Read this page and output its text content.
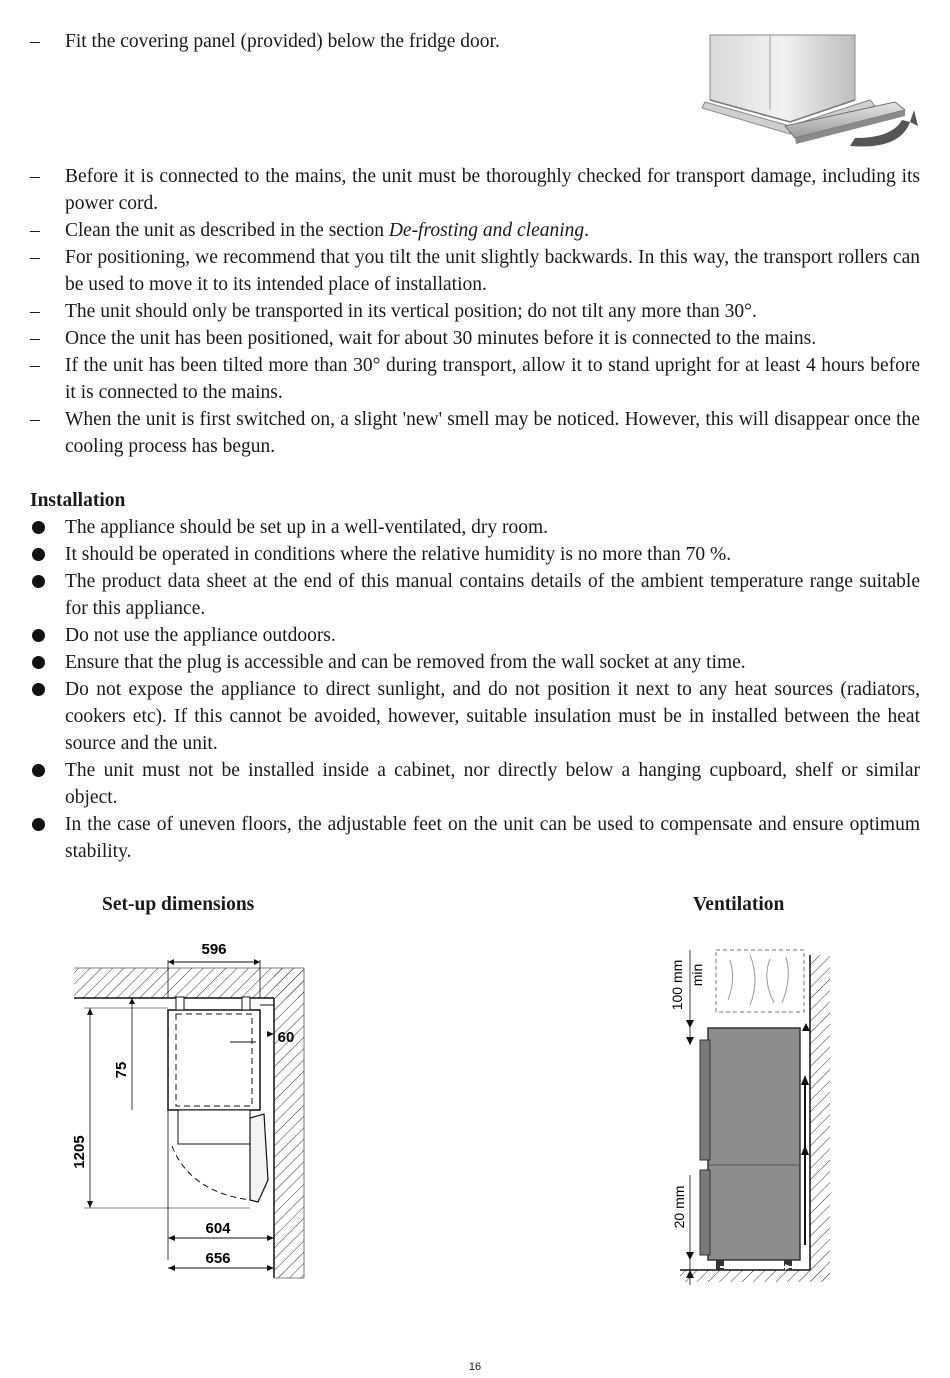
– Fit the covering panel (provided) below the fridge door.
– Before it is connected to the mains, the unit must be thoroughly checked for transport damage, including its power cord.
– Clean the unit as described in the section De-frosting and cleaning.
– For positioning, we recommend that you tilt the unit slightly backwards. In this way, the transport rollers can be used to move it to its intended place of installation.
– The unit should only be transported in its vertical position; do not tilt any more than 30°.
– Once the unit has been positioned, wait for about 30 minutes before it is connected to the mains.
– If the unit has been tilted more than 30° during transport, allow it to stand upright for at least 4 hours before it is connected to the mains.
– When the unit is first switched on, a slight 'new' smell may be noticed. However, this will disappear once the cooling process has begun.
Installation
The appliance should be set up in a well-ventilated, dry room.
It should be operated in conditions where the relative humidity is no more than 70 %.
The product data sheet at the end of this manual contains details of the ambient temperature range suitable for this appliance.
Do not use the appliance outdoors.
Ensure that the plug is accessible and can be removed from the wall socket at any time.
Do not expose the appliance to direct sunlight, and do not position it next to any heat sources (radiators, cookers etc). If this cannot be avoided, however, suitable insulation must be in installed between the heat source and the unit.
The unit must not be installed inside a cabinet, nor directly below a hanging cupboard, shelf or similar object.
In the case of uneven floors, the adjustable feet on the unit can be used to compensate and ensure optimum stability.
Set-up dimensions	Ventilation
596
60
75
1205
604
656
100 mm min
20 mm
16
